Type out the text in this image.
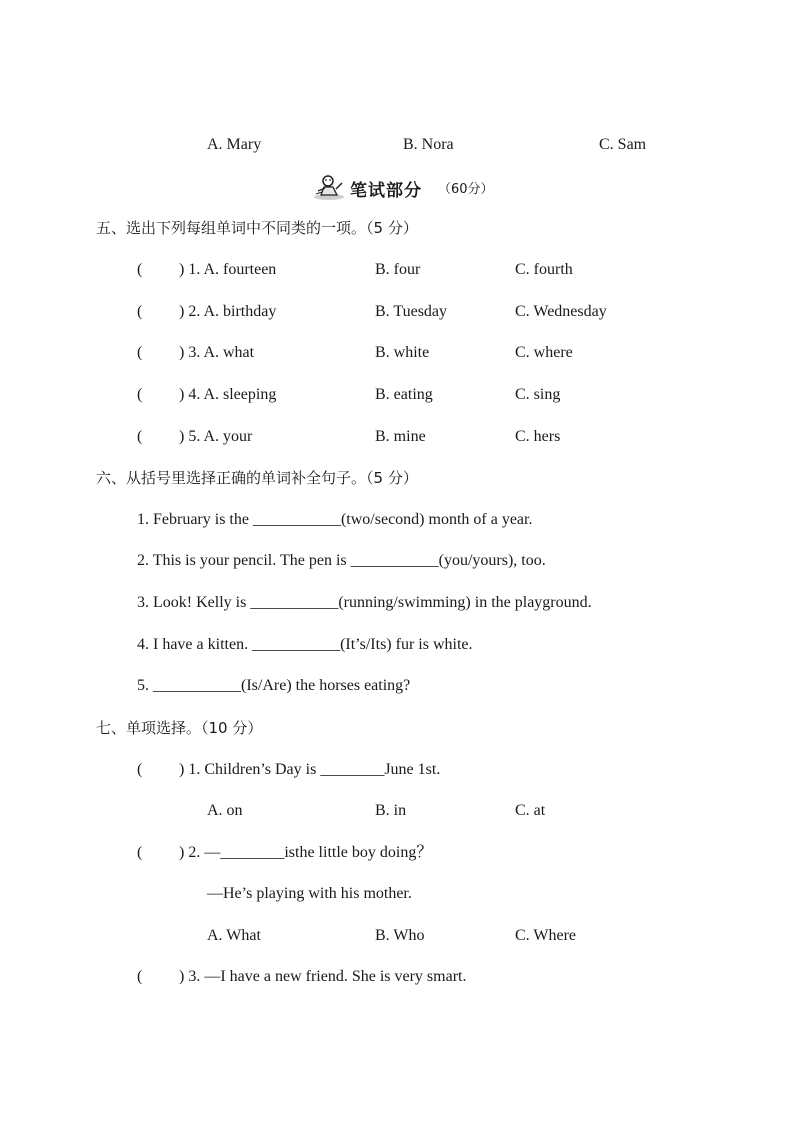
A. Mary	B. Nora	C. Sam
笔试部分 （60分）
五、选出下列每组单词中不同类的一项。（5 分）
( ) 1. A. fourteen	B. four	C. fourth
( ) 2. A. birthday	B. Tuesday	C. Wednesday
( ) 3. A. what	B. white	C. where
( ) 4. A. sleeping	B. eating	C. sing
( ) 5. A. your	B. mine	C. hers
六、从括号里选择正确的单词补全句子。（5 分）
1. February is the ___________(two/second) month of a year.
2. This is your pencil. The pen is ___________(you/yours), too.
3. Look! Kelly is ___________(running/swimming) in the playground.
4. I have a kitten. ___________(It’s/Its) fur is white.
5. ___________(Is/Are) the horses eating?
七、单项选择。（10 分）
( ) 1. Children’s Day is ________June 1st.
A. on	B. in	C. at
( ) 2. —________isthe little boy doing？
—He’s playing with his mother.
A. What	B. Who	C. Where
( ) 3. —I have a new friend. She is very smart.
